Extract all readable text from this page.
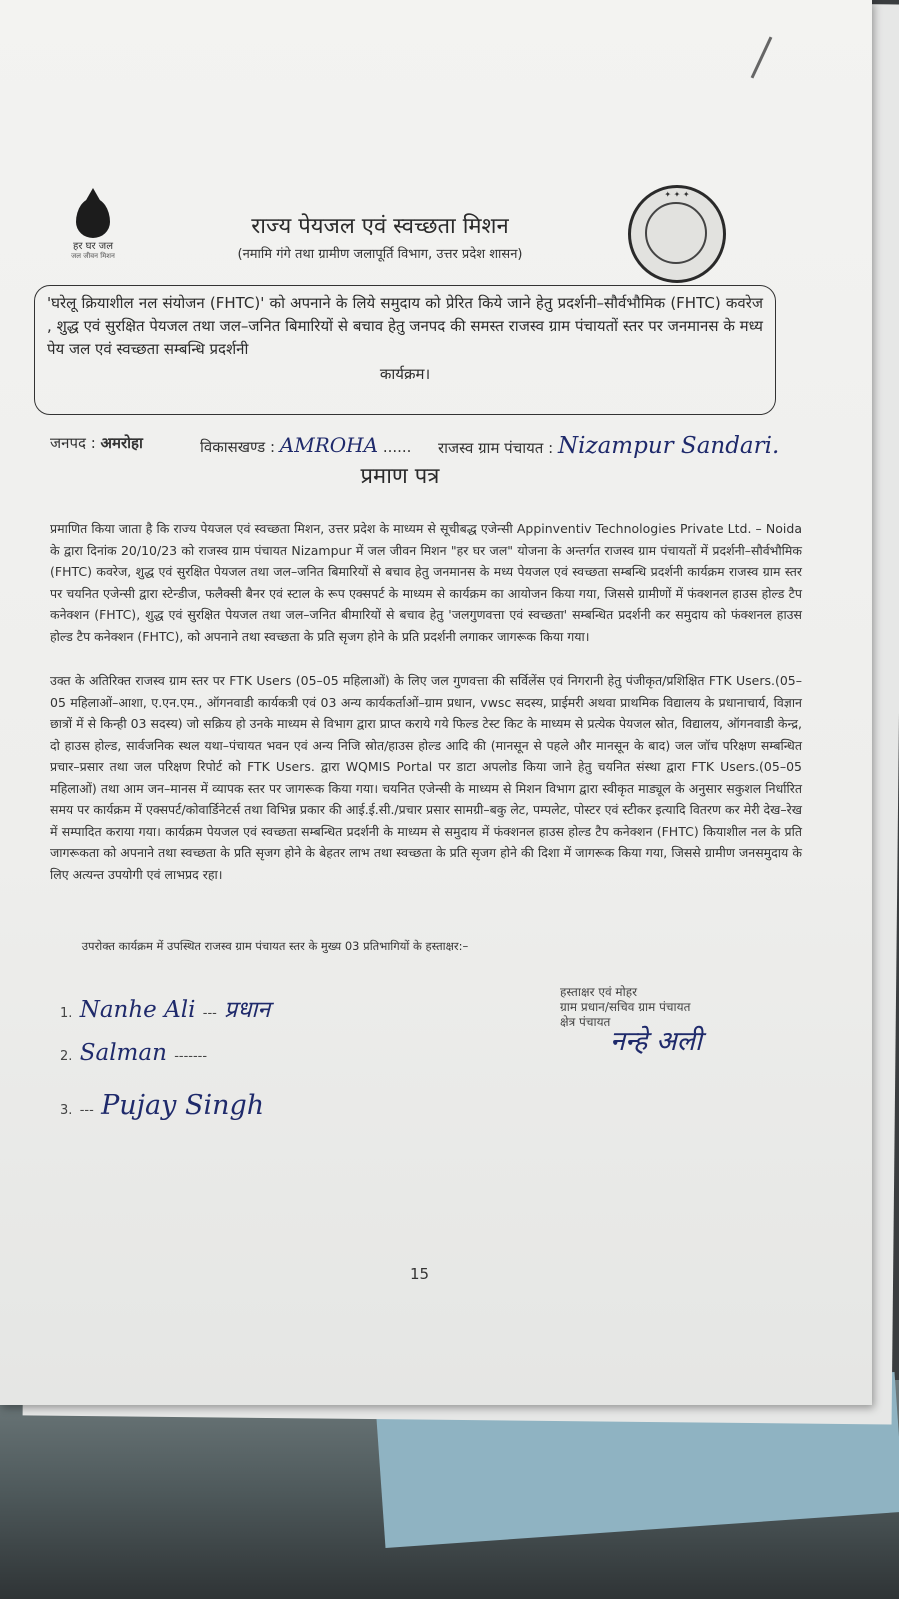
हर घर जल
जल जीवन मिशन
✦ ✦ ✦
राज्य पेयजल एवं स्वच्छता मिशन
(नमामि गंगे तथा ग्रामीण जलापूर्ति विभाग, उत्तर प्रदेश शासन)
'घरेलू क्रियाशील नल संयोजन (FHTC)' को अपनाने के लिये समुदाय को प्रेरित किये जाने हेतु प्रदर्शनी–सौर्वभौमिक (FHTC) कवरेज , शुद्ध एवं सुरक्षित पेयजल तथा जल–जनित बिमारियों से बचाव हेतु जनपद की समस्त राजस्व ग्राम पंचायतों स्तर पर जनमानस के मध्य पेय जल एवं स्वच्छता सम्बन्धि प्रदर्शनी
कार्यक्रम।
जनपद : अमरोहा	विकासखण्ड : AMROHA ...... राजस्व ग्राम पंचायत : Nizampur Sandari.
प्रमाण पत्र
प्रमाणित किया जाता है कि राज्य पेयजल एवं स्वच्छता मिशन, उत्तर प्रदेश के माध्यम से सूचीबद्ध एजेन्सी Appinventiv Technologies Private Ltd. – Noida के द्वारा दिनांक 20/10/23 को राजस्व ग्राम पंचायत Nizampur में जल जीवन मिशन "हर घर जल" योजना के अन्तर्गत राजस्व ग्राम पंचायतों में प्रदर्शनी–सौर्वभौमिक (FHTC) कवरेज, शुद्ध एवं सुरक्षित पेयजल तथा जल–जनित बिमारियों से बचाव हेतु जनमानस के मध्य पेयजल एवं स्वच्छता सम्बन्धि प्रदर्शनी कार्यक्रम राजस्व ग्राम स्तर पर चयनित एजेन्सी द्वारा स्टेन्डीज, फलैक्सी बैनर एवं स्टाल के रूप एक्सपर्ट के माध्यम से कार्यक्रम का आयोजन किया गया, जिससे ग्रामीणों में फंक्शनल हाउस होल्ड टैप कनेक्शन (FHTC), शुद्ध एवं सुरक्षित पेयजल तथा जल–जनित बीमारियों से बचाव हेतु 'जलगुणवत्ता एवं स्वच्छता' सम्बन्धित प्रदर्शनी कर समुदाय को फंक्शनल हाउस होल्ड टैप कनेक्शन (FHTC), को अपनाने तथा स्वच्छता के प्रति सृजग होने के प्रति प्रदर्शनी लगाकर जागरूक किया गया।
उक्त के अतिरिक्त राजस्व ग्राम स्तर पर FTK Users (05–05 महिलाओं) के लिए जल गुणवत्ता की सर्विलेंस एवं निगरानी हेतु पंजीकृत/प्रशिक्षित FTK Users.(05–05 महिलाओं–आशा, ए.एन.एम., ऑगनवाडी कार्यकत्री एवं 03 अन्य कार्यकर्ताओं–ग्राम प्रधान, vwsc सदस्य, प्राईमरी अथवा प्राथमिक विद्यालय के प्रधानाचार्य, विज्ञान छात्रों में से किन्ही 03 सदस्य) जो सक्रिय हो उनके माध्यम से विभाग द्वारा प्राप्त कराये गये फिल्ड टेस्ट किट के माध्यम से प्रत्येक पेयजल स्रोत, विद्यालय, ऑगनवाडी केन्द्र, दो हाउस होल्ड, सार्वजनिक स्थल यथा–पंचायत भवन एवं अन्य निजि स्रोत/हाउस होल्ड आदि की (मानसून से पहले और मानसून के बाद) जल जॉच परिक्षण सम्बन्धित प्रचार–प्रसार तथा जल परिक्षण रिपोर्ट को FTK Users. द्वारा WQMIS Portal पर डाटा अपलोड किया जाने हेतु चयनित संस्था द्वारा FTK Users.(05–05 महिलाओं) तथा आम जन–मानस में व्यापक स्तर पर जागरूक किया गया। चयनित एजेन्सी के माध्यम से मिशन विभाग द्वारा स्वीकृत माड्यूल के अनुसार सकुशल निर्धारित समय पर कार्यक्रम में एक्सपर्ट/कोवार्डिनेटर्स तथा विभिन्न प्रकार की आई.ई.सी./प्रचार प्रसार सामग्री–बकु लेट, पम्पलेट, पोस्टर एवं स्टीकर इत्यादि वितरण कर मेरी देख–रेख में सम्पादित कराया गया। कार्यक्रम पेयजल एवं स्वच्छता सम्बन्धित प्रदर्शनी के माध्यम से समुदाय में फंक्शनल हाउस होल्ड टैप कनेक्शन (FHTC) कियाशील नल के प्रति जागरूकता को अपनाने तथा स्वच्छता के प्रति सृजग होने के बेहतर लाभ तथा स्वच्छता के प्रति सृजग होने की दिशा में जागरूक किया गया, जिससे ग्रामीण जनसमुदाय के लिए अत्यन्त उपयोगी एवं लाभप्रद रहा।
उपरोक्त कार्यक्रम में उपस्थित राजस्व ग्राम पंचायत स्तर के मुख्य 03 प्रतिभागियों के हस्ताक्षर:–
1. Nanhe Ali --- प्रधान
2. Salman -------
3. --- Pujay Singh
हस्ताक्षर एवं मोहर
ग्राम प्रधान/सचिव ग्राम पंचायत
क्षेत्र पंचायत
नन्हे अली
15
